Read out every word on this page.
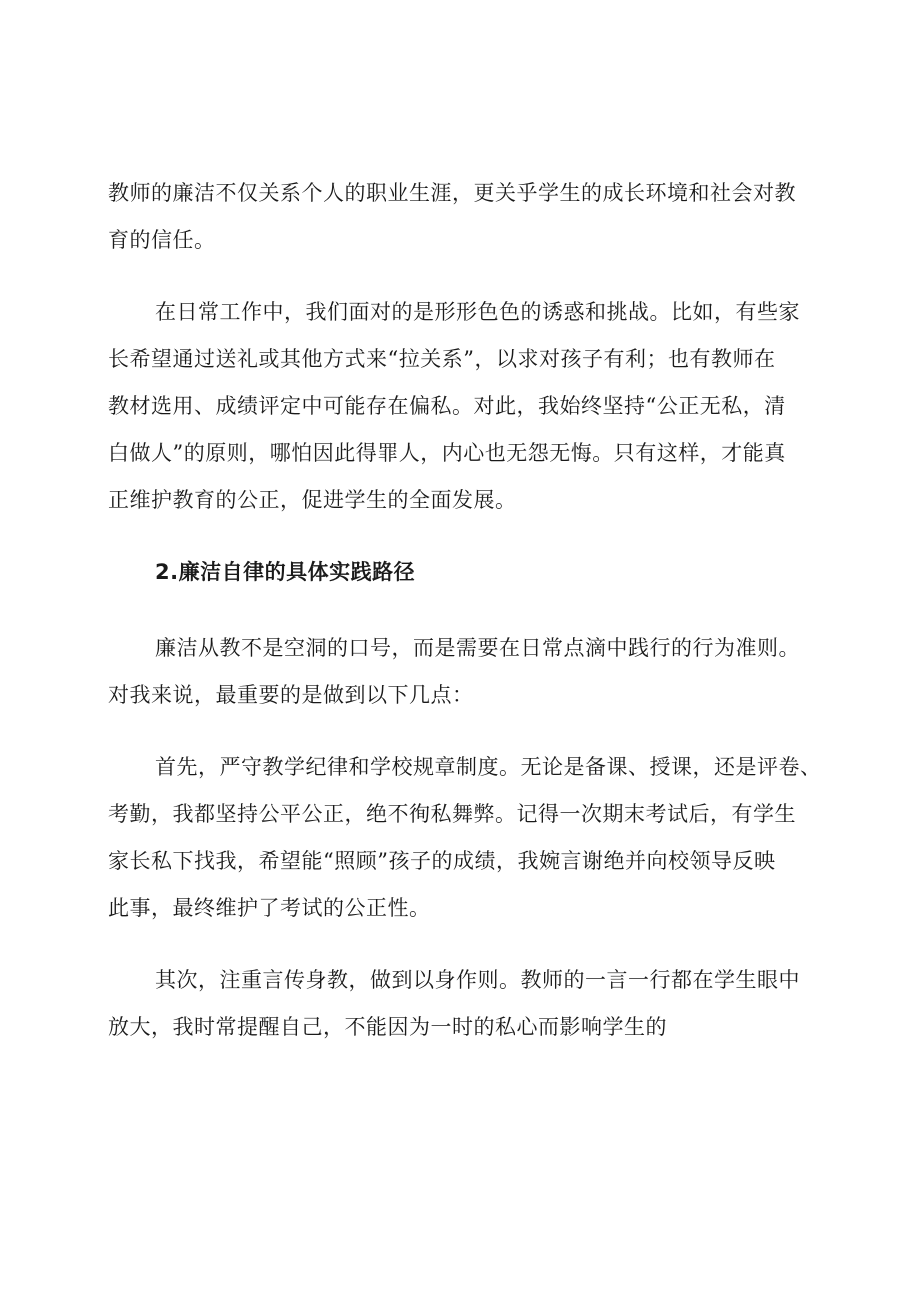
教师的廉洁不仅关系个人的职业生涯，更关乎学生的成长环境和社会对教
育的信任。

在日常工作中，我们面对的是形形色色的诱惑和挑战。比如，有些家
长希望通过送礼或其他方式来“拉关系”，以求对孩子有利；也有教师在
教材选用、成绩评定中可能存在偏私。对此，我始终坚持“公正无私，清
白做人”的原则，哪怕因此得罪人，内心也无怨无悔。只有这样，才能真
正维护教育的公正，促进学生的全面发展。

2.廉洁自律的具体实践路径

廉洁从教不是空洞的口号，而是需要在日常点滴中践行的行为准则。
对我来说，最重要的是做到以下几点：

首先，严守教学纪律和学校规章制度。无论是备课、授课，还是评卷、
考勤，我都坚持公平公正，绝不徇私舞弊。记得一次期末考试后，有学生
家长私下找我，希望能“照顾”孩子的成绩，我婉言谢绝并向校领导反映
此事，最终维护了考试的公正性。

其次，注重言传身教，做到以身作则。教师的一言一行都在学生眼中
放大，我时常提醒自己，不能因为一时的私心而影响学生的
